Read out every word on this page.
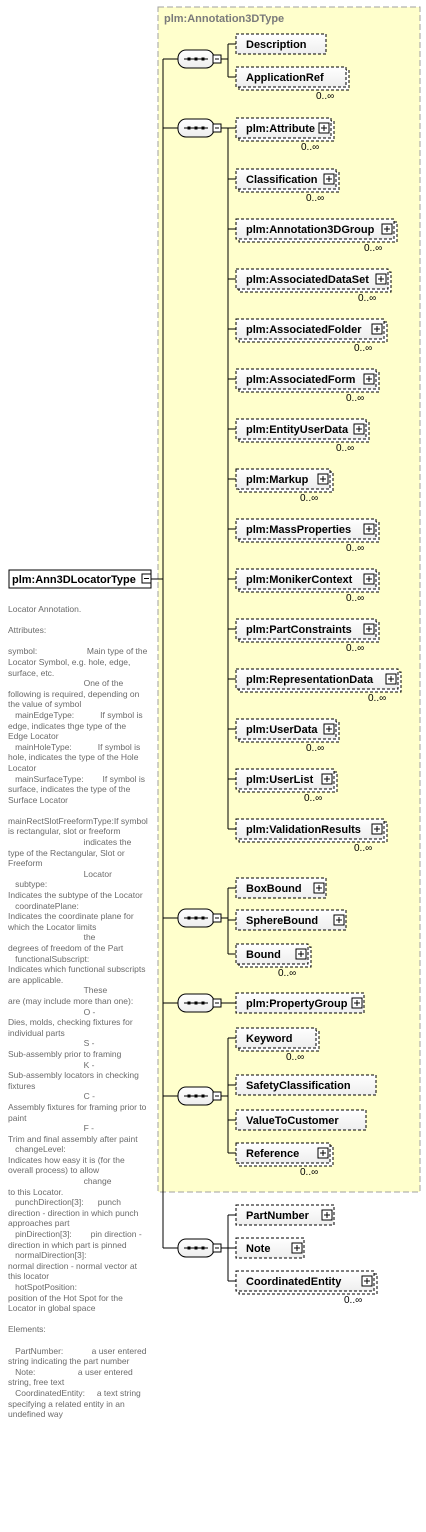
plm:Annotation3DType
Description
ApplicationRef
0..∞
plm:Attribute
0..∞
Classification
0..∞
plm:Annotation3DGroup
0..∞
plm:AssociatedDataSet
0..∞
plm:AssociatedFolder
0..∞
plm:AssociatedForm
0..∞
plm:EntityUserData
0..∞
plm:Markup
0..∞
plm:MassProperties
0..∞
plm:MonikerContext
0..∞
plm:PartConstraints
0..∞
plm:RepresentationData
0..∞
plm:UserData
0..∞
plm:UserList
0..∞
plm:ValidationResults
0..∞
BoxBound
SphereBound
Bound
0..∞
plm:PropertyGroup
Keyword
0..∞
SafetyClassification
ValueToCustomer
Reference
0..∞
PartNumber
Note
CoordinatedEntity
0..∞
plm:Ann3DLocatorType
Locator Annotation.

Attributes:

symbol:                     Main type of the Locator Symbol, e.g. hole, edge, surface, etc.
One of the following is required, depending on the value of symbol
mainEdgeType:           If symbol is edge, indicates thge type of the Edge Locator
mainHoleType:           If symbol is hole, indicates the type of the Hole Locator
mainSurfaceType:        If symbol is surface, indicates the type of the Surface Locator

mainRectSlotFreeformType:If symbol is rectangular, slot or freeform
indicates the type of the Rectangular, Slot or Freeform
Locator
subtype:
Indicates the subtype of the Locator
coordinatePlane:
Indicates the coordinate plane for which the Locator limits
the
degrees of freedom of the Part
functionalSubscript:
Indicates which functional subscripts are applicable.
These
are (may include more than one):
O -
Dies, molds, checking fixtures for individual parts
S -
Sub-assembly prior to framing
K -
Sub-assembly locators in checking fixtures
C -
Assembly fixtures for framing prior to paint
F -
Trim and final assembly after paint
changeLevel:
Indicates how easy it is (for the overall process) to allow
change
to this Locator.
punchDirection[3]:      punch direction - direction in which punch approaches part
pinDirection[3]:        pin direction - direction in which part is pinned
normalDirection[3]:
normal direction - normal vector at this locator
hotSpotPosition:
position of the Hot Spot for the Locator in global space

Elements:

PartNumber:            a user entered string indicating the part number
Note:                  a user entered string, free text
CoordinatedEntity:     a text string specifying a related entity in an undefined way
